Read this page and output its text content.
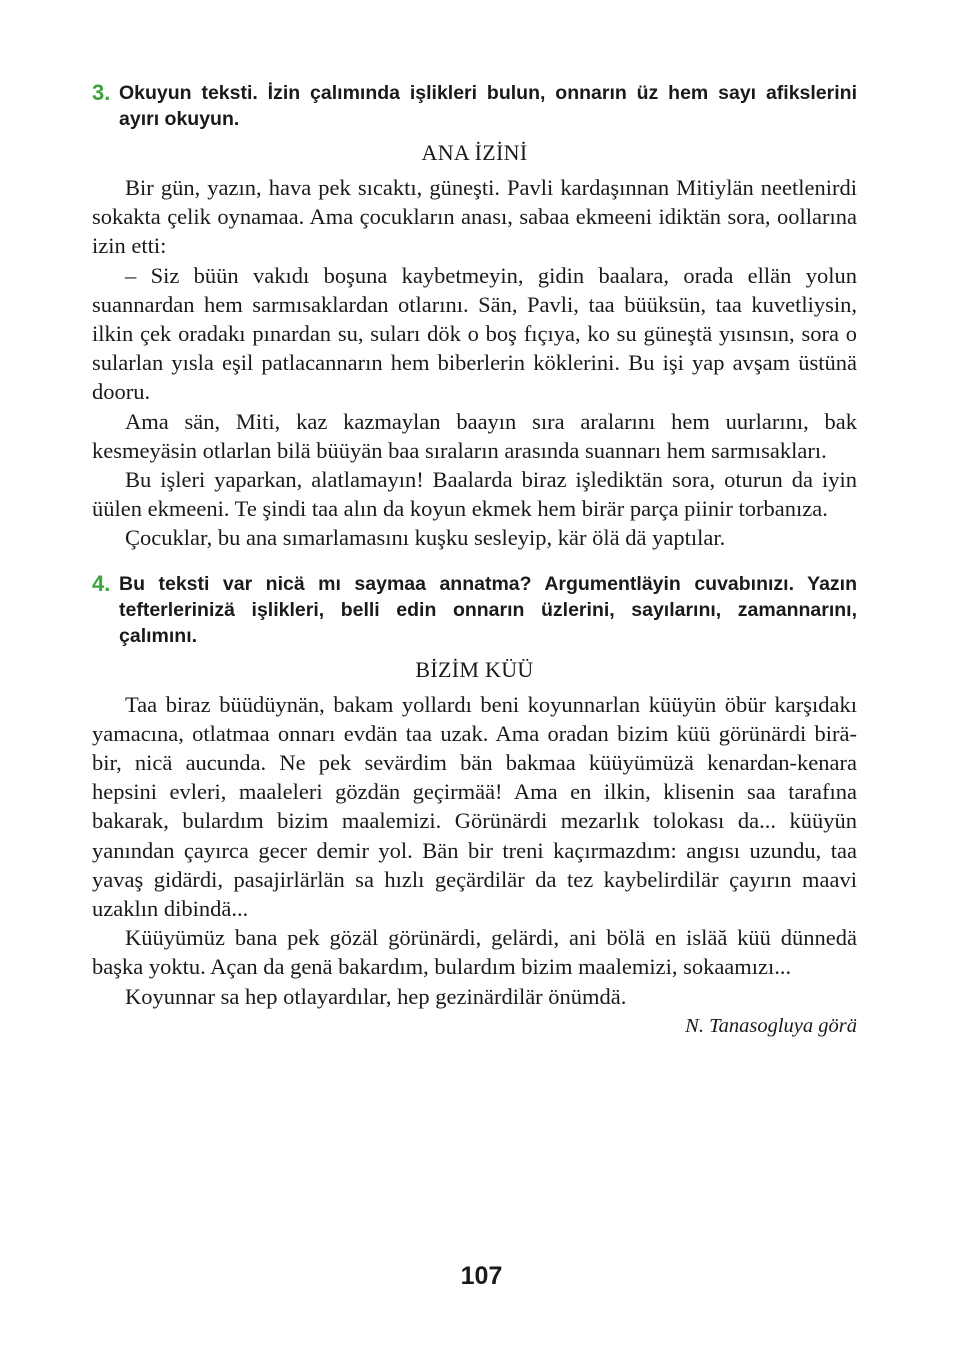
3. Okuyun teksti. İzin çalımında işlikleri bulun, onnarın üz hem sayı afikslerini ayırı okuyun.
ANA İZİNİ

Bir gün, yazın, hava pek sıcaktı, güneşti. Pavli kardaşınnan Mitiylän neetlenirdi sokakta çelik oynamaa. Ama çocukların anası, sabaa ekmeeni idiktän sora, oollarına izin etti:

– Siz büün vakıdı boşuna kaybetmeyin, gidin baalara, orada ellän yolun suannardan hem sarmısaklardan otlarını. Sän, Pavli, taa büüksün, taa kuvetliysin, ilkin çek oradakı pınardan su, suları dök o boş fıçıya, ko su güneştä yısınsın, sora o sularlan yısla eşil patlacannarın hem biberlerin köklerini. Bu işi yap avşam üstünä dooru.

Ama sän, Miti, kaz kazmaylan baayın sıra aralarını hem uurlarını, bak kesmeyäsin otlarlan bilä büüyän baa sıraların arasında suannarı hem sarmısakları.

Bu işleri yaparkan, alatlamayın! Baalarda biraz işlediktän sora, oturun da iyin üülen ekmeeni. Te şindi taa alın da koyun ekmek hem birär parça piinir torbanıza.

Çocuklar, bu ana sımarlamasını kuşku sesleyip, kär ölä dä yaptılar.

4. Bu teksti var nicä mı saymaa annatma? Argumentläyin cuvabınızı. Yazın tefterlerinizä işlikleri, belli edin onnarın üzlerini, sayılarını, zamannarını, çalımını.
BİZİM KÜÜ

Taa biraz büüdüynän, bakam yollardı beni koyunnarlan küüyün öbür karşıdakı yamacına, otlatmaa onnarı evdän taa uzak. Ama oradan bizim küü görünärdi birä-bir, nicä aucunda. Ne pek sevärdim bän bakmaa küüyümüzä kenardan-kenara hepsini evleri, maaleleri gözdän geçirmää! Ama en ilkin, klisenin saa tarafına bakarak, bulardım bizim maalemizi. Görünärdi mezarlık tolokası da... küüyün yanından çayırca gecer demir yol. Bän bir treni kaçırmazdım: angısı uzundu, taa yavaş gidärdi, pasajirlärlän sa hızlı geçärdilär da tez kaybelirdilär çayırın maavi uzaklın dibindä...

Küüyümüz bana pek gözäl görünärdi, gelärdi, ani bölä en isläă küü dünnedä başka yoktu. Açan da genä bakardım, bulardım bizim maalemizi, sokaamızı...

Koyunnar sa hep otlayardılar, hep gezinärdilär önümdä.

N. Tanasogluya görä
107
